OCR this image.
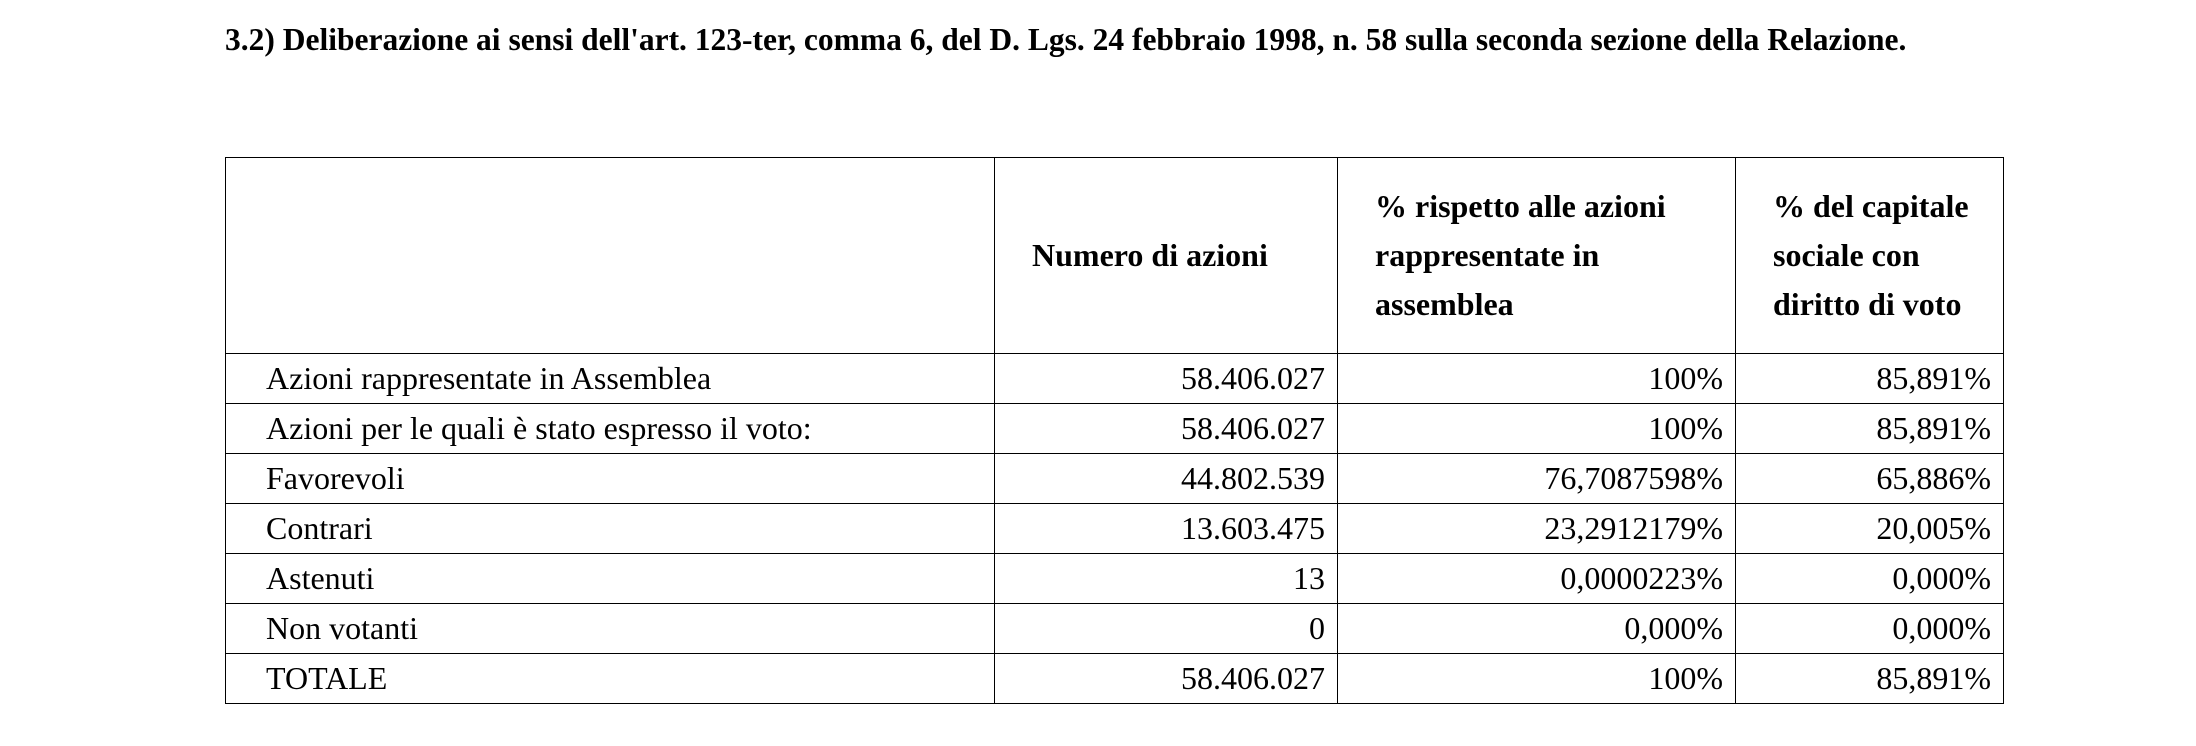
3.2) Deliberazione ai sensi dell'art. 123-ter, comma 6, del D. Lgs. 24 febbraio 1998, n. 58 sulla seconda sezione della Relazione.
	Numero di azioni	% rispetto alle azioni rappresentate in assemblea	% del capitale sociale con diritto di voto
Azioni rappresentate in Assemblea	58.406.027	100%	85,891%
Azioni per le quali è stato espresso il voto:	58.406.027	100%	85,891%
Favorevoli	44.802.539	76,7087598%	65,886%
Contrari	13.603.475	23,2912179%	20,005%
Astenuti	13	0,0000223%	0,000%
Non votanti	0	0,000%	0,000%
TOTALE	58.406.027	100%	85,891%
